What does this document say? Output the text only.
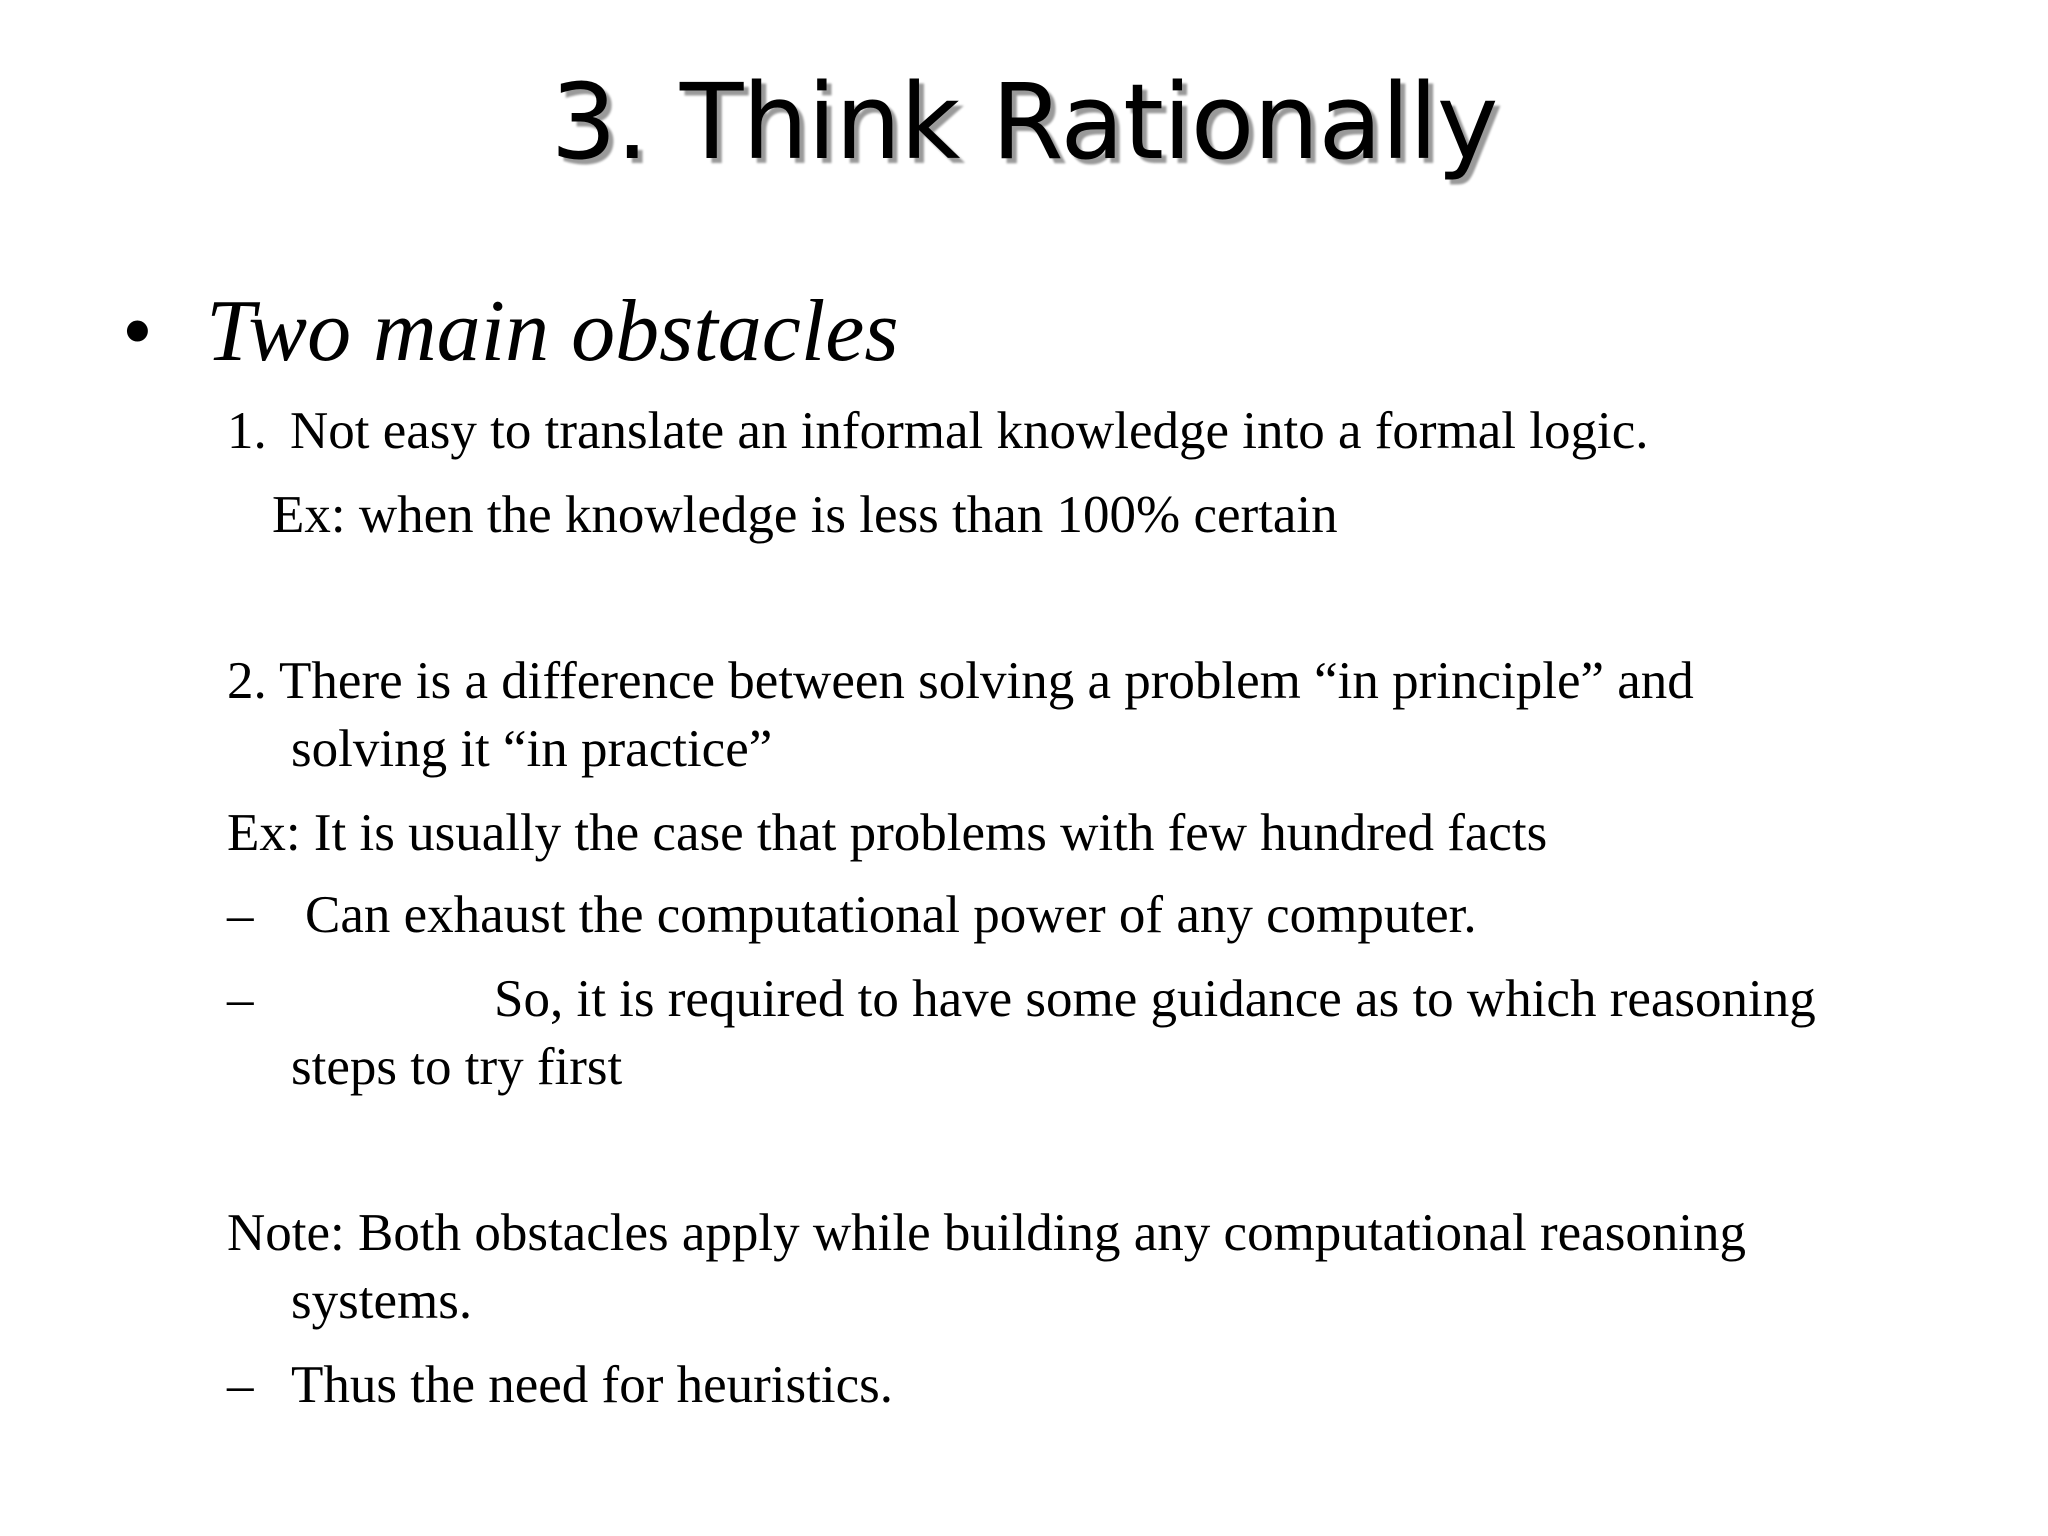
3. Think Rationally
• Two main obstacles
1. Not easy to translate an informal knowledge into a formal logic.
Ex: when the knowledge is less than 100% certain
2. There is a difference between solving a problem “in principle” and
solving it “in practice”
Ex: It is usually the case that problems with few hundred facts
– Can exhaust the computational power of any computer.
–	So, it is required to have some guidance as to which reasoning
steps to try first
Note: Both obstacles apply while building any computational reasoning
systems.
– Thus the need for heuristics.
